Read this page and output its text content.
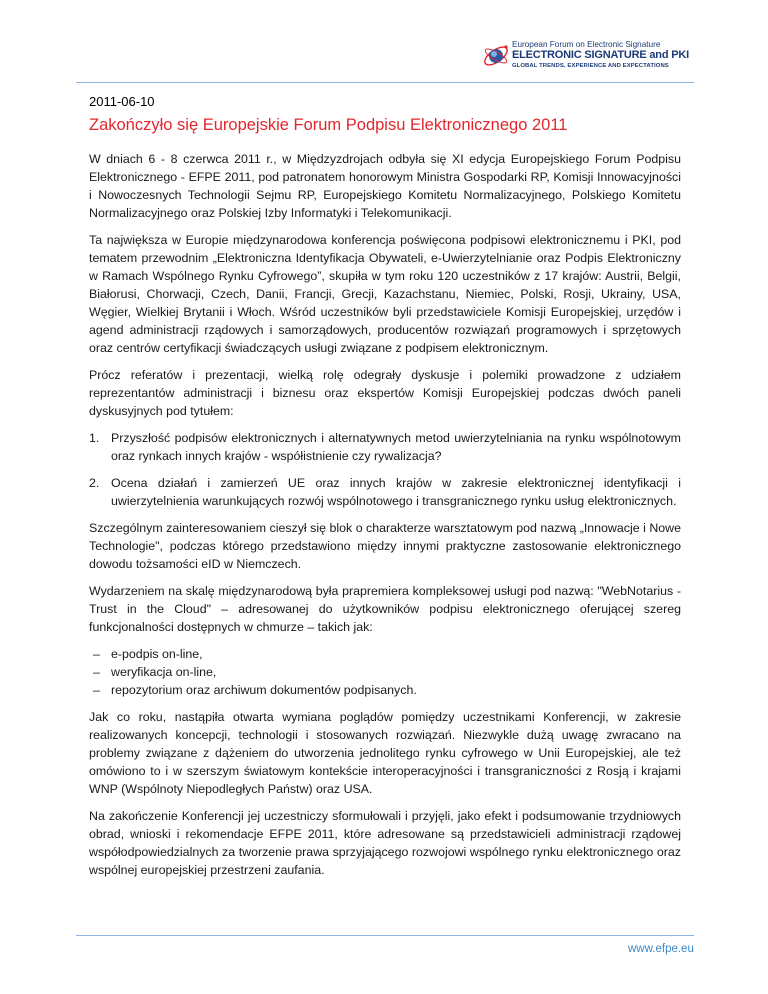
European Forum on Electronic Signature
ELECTRONIC SIGNATURE and PKI
GLOBAL TRENDS, EXPERIENCE AND EXPECTATIONS
2011-06-10
Zakończyło się Europejskie Forum Podpisu Elektronicznego 2011

W dniach 6 - 8 czerwca 2011 r., w Międzyzdrojach odbyła się XI edycja Europejskiego Forum Podpisu Elektronicznego - EFPE 2011, pod patronatem honorowym Ministra Gospodarki RP, Komisji Innowacyjności i Nowoczesnych Technologii Sejmu RP, Europejskiego Komitetu Normalizacyjnego, Polskiego Komitetu Normalizacyjnego oraz Polskiej Izby Informatyki i Telekomunikacji.

Ta największa w Europie międzynarodowa konferencja poświęcona podpisowi elektronicznemu i PKI, pod tematem przewodnim „Elektroniczna Identyfikacja Obywateli, e-Uwierzytelnianie oraz Podpis Elektroniczny w Ramach Wspólnego Rynku Cyfrowego”, skupiła w tym roku 120 uczestników z 17 krajów: Austrii, Belgii, Białorusi, Chorwacji, Czech, Danii, Francji, Grecji, Kazachstanu, Niemiec, Polski, Rosji, Ukrainy, USA, Węgier, Wielkiej Brytanii i Włoch. Wśród uczestników byli przedstawiciele Komisji Europejskiej, urzędów i agend administracji rządowych i samorządowych, producentów rozwiązań programowych i sprzętowych oraz centrów certyfikacji świadczących usługi związane z podpisem elektronicznym.

Prócz referatów i prezentacji, wielką rolę odegrały dyskusje i polemiki prowadzone z udziałem reprezentantów administracji i biznesu oraz ekspertów Komisji Europejskiej podczas dwóch paneli dyskusyjnych pod tytułem:

1. Przyszłość podpisów elektronicznych i alternatywnych metod uwierzytelniania na rynku wspólnotowym oraz rynkach innych krajów - współistnienie czy rywalizacja?
2. Ocena działań i zamierzeń UE oraz innych krajów w zakresie elektronicznej identyfikacji i uwierzytelnienia warunkujących rozwój wspólnotowego i transgranicznego rynku usług elektronicznych.

Szczególnym zainteresowaniem cieszył się blok o charakterze warsztatowym pod nazwą „Innowacje i Nowe Technologie", podczas którego przedstawiono między innymi praktyczne zastosowanie elektronicznego dowodu tożsamości eID w Niemczech.

Wydarzeniem na skalę międzynarodową była prapremiera kompleksowej usługi pod nazwą: "WebNotarius - Trust in the Cloud" – adresowanej do użytkowników podpisu elektronicznego oferującej szereg funkcjonalności dostępnych w chmurze – takich jak:

– e-podpis on-line,
– weryfikacja on-line,
– repozytorium oraz archiwum dokumentów podpisanych.

Jak co roku, nastąpiła otwarta wymiana poglądów pomiędzy uczestnikami Konferencji, w zakresie realizowanych koncepcji, technologii i stosowanych rozwiązań. Niezwykle dużą uwagę zwracano na problemy związane z dążeniem do utworzenia jednolitego rynku cyfrowego w Unii Europejskiej, ale też omówiono to i w szerszym światowym kontekście interoperacyjności i transgraniczności z Rosją i krajami WNP (Wspólnoty Niepodległych Państw) oraz USA.

Na zakończenie Konferencji jej uczestniczy sformułowali i przyjęli, jako efekt i podsumowanie trzydniowych obrad, wnioski i rekomendacje EFPE 2011, które adresowane są przedstawicieli administracji rządowej współodpowiedzialnych za tworzenie prawa sprzyjającego rozwojowi wspólnego rynku elektronicznego oraz wspólnej europejskiej przestrzeni zaufania.

www.efpe.eu
